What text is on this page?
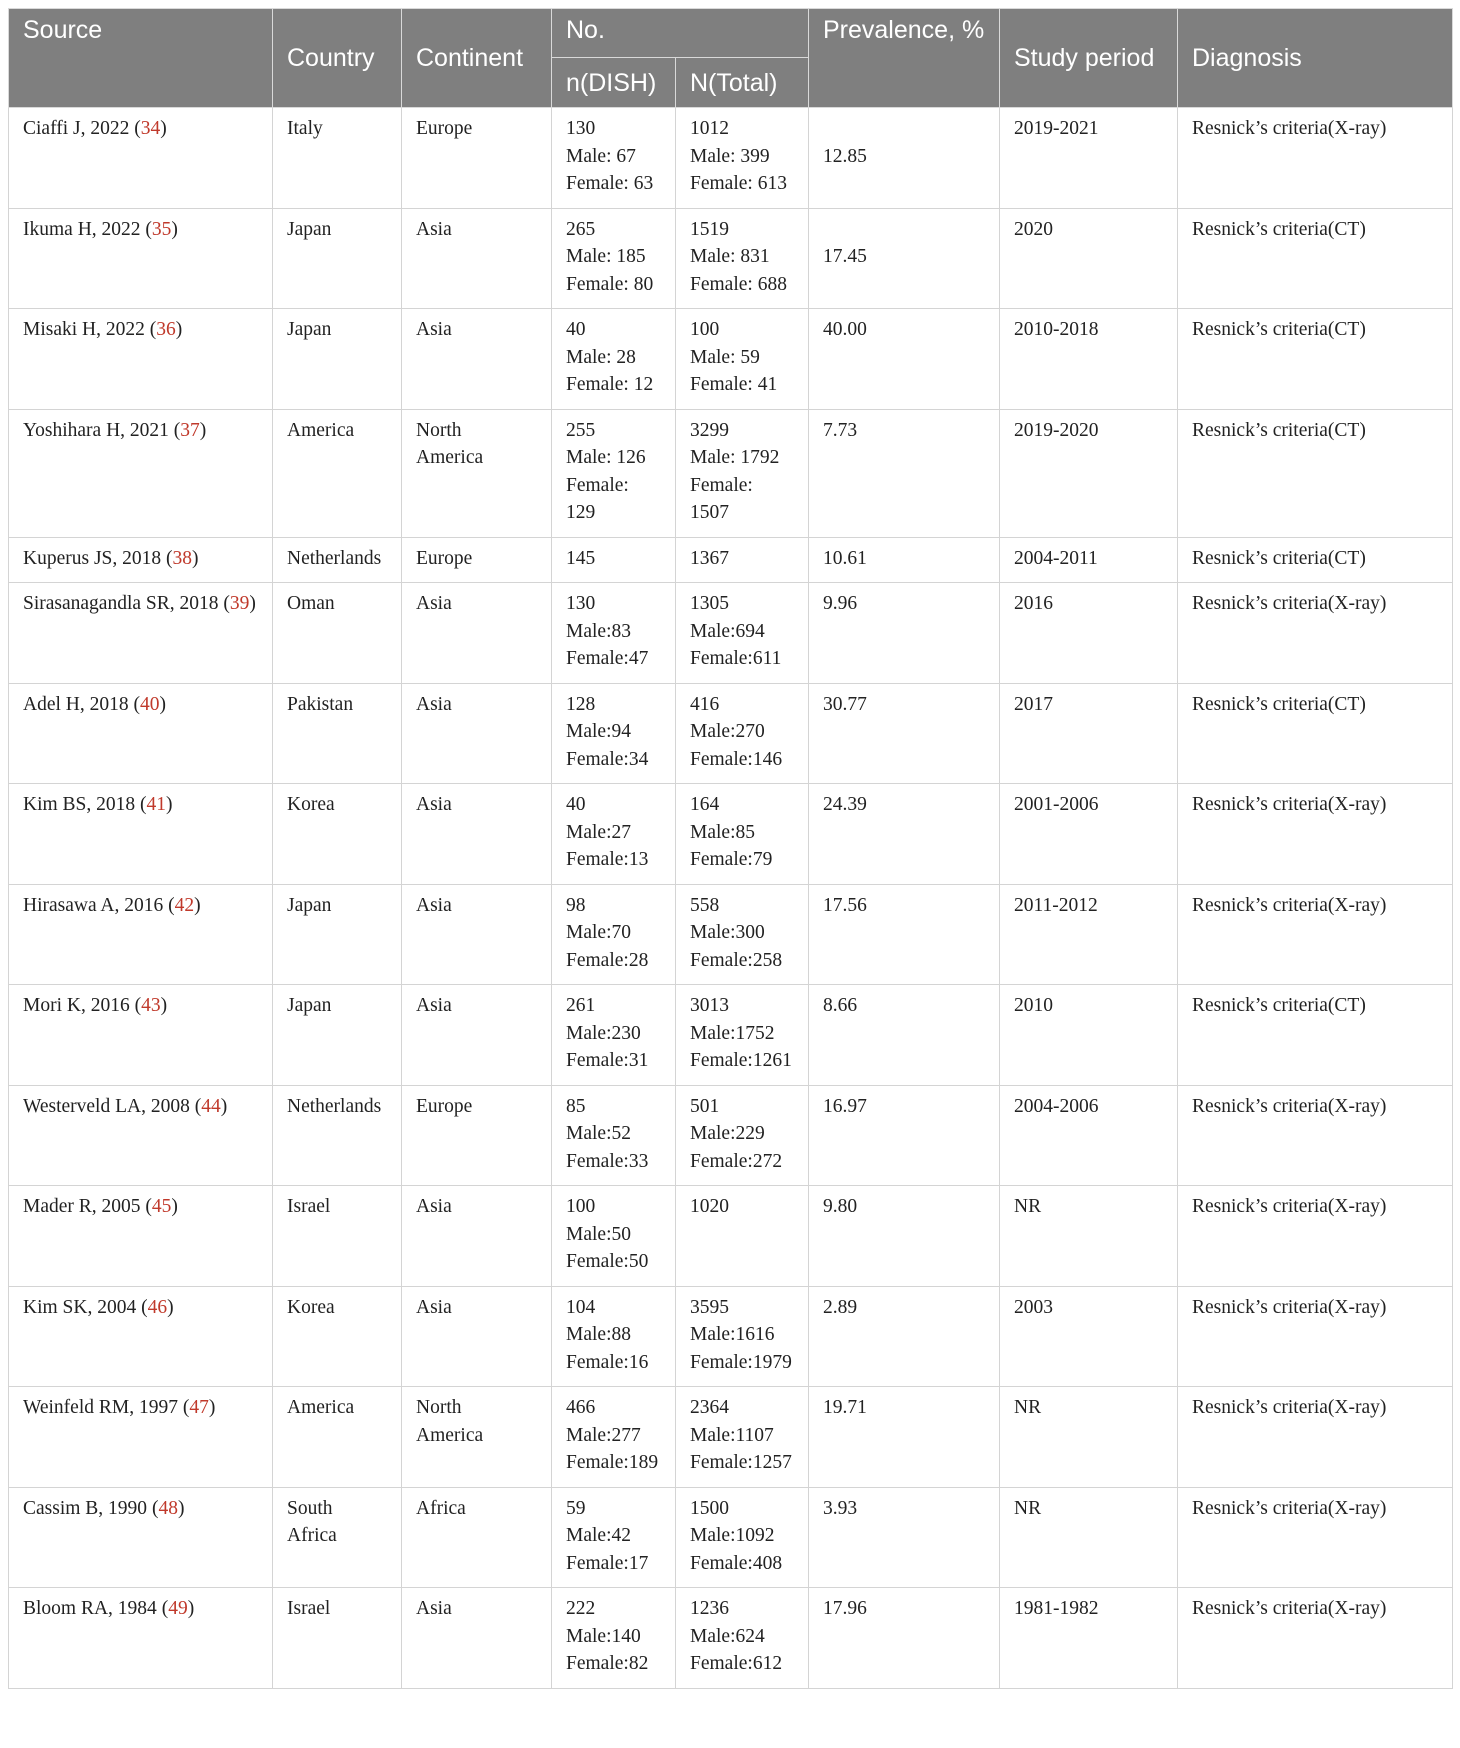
Source	Country	Continent	No.		Prevalence, %	Study period	Diagnosis
			n(DISH)	N(Total)			
Ciaffi J, 2022 (34)	Italy	Europe	130
Male: 67
Female: 63	1012
Male: 399
Female: 613	12.85	2019-2021	Resnick’s criteria(X-ray)
Ikuma H, 2022 (35)	Japan	Asia	265
Male: 185
Female: 80	1519
Male: 831
Female: 688	17.45	2020	Resnick’s criteria(CT)
Misaki H, 2022 (36)	Japan	Asia	40
Male: 28
Female: 12	100
Male: 59
Female: 41	40.00	2010-2018	Resnick’s criteria(CT)
Yoshihara H, 2021 (37)	America	North America	255
Male: 126
Female:
129	3299
Male: 1792
Female:
1507	7.73	2019-2020	Resnick’s criteria(CT)
Kuperus JS, 2018 (38)	Netherlands	Europe	145	1367	10.61	2004-2011	Resnick’s criteria(CT)
Sirasanagandla SR, 2018 (39)	Oman	Asia	130
Male:83
Female:47	1305
Male:694
Female:611	9.96	2016	Resnick’s criteria(X-ray)
Adel H, 2018 (40)	Pakistan	Asia	128
Male:94
Female:34	416
Male:270
Female:146	30.77	2017	Resnick’s criteria(CT)
Kim BS, 2018 (41)	Korea	Asia	40
Male:27
Female:13	164
Male:85
Female:79	24.39	2001-2006	Resnick’s criteria(X-ray)
Hirasawa A, 2016 (42)	Japan	Asia	98
Male:70
Female:28	558
Male:300
Female:258	17.56	2011-2012	Resnick’s criteria(X-ray)
Mori K, 2016 (43)	Japan	Asia	261
Male:230
Female:31	3013
Male:1752
Female:1261	8.66	2010	Resnick’s criteria(CT)
Westerveld LA, 2008 (44)	Netherlands	Europe	85
Male:52
Female:33	501
Male:229
Female:272	16.97	2004-2006	Resnick’s criteria(X-ray)
Mader R, 2005 (45)	Israel	Asia	100
Male:50
Female:50	1020	9.80	NR	Resnick’s criteria(X-ray)
Kim SK, 2004 (46)	Korea	Asia	104
Male:88
Female:16	3595
Male:1616
Female:1979	2.89	2003	Resnick’s criteria(X-ray)
Weinfeld RM, 1997 (47)	America	North America	466
Male:277
Female:189	2364
Male:1107
Female:1257	19.71	NR	Resnick’s criteria(X-ray)
Cassim B, 1990 (48)	South Africa	Africa	59
Male:42
Female:17	1500
Male:1092
Female:408	3.93	NR	Resnick’s criteria(X-ray)
Bloom RA, 1984 (49)	Israel	Asia	222
Male:140
Female:82	1236
Male:624
Female:612	17.96	1981-1982	Resnick’s criteria(X-ray)
